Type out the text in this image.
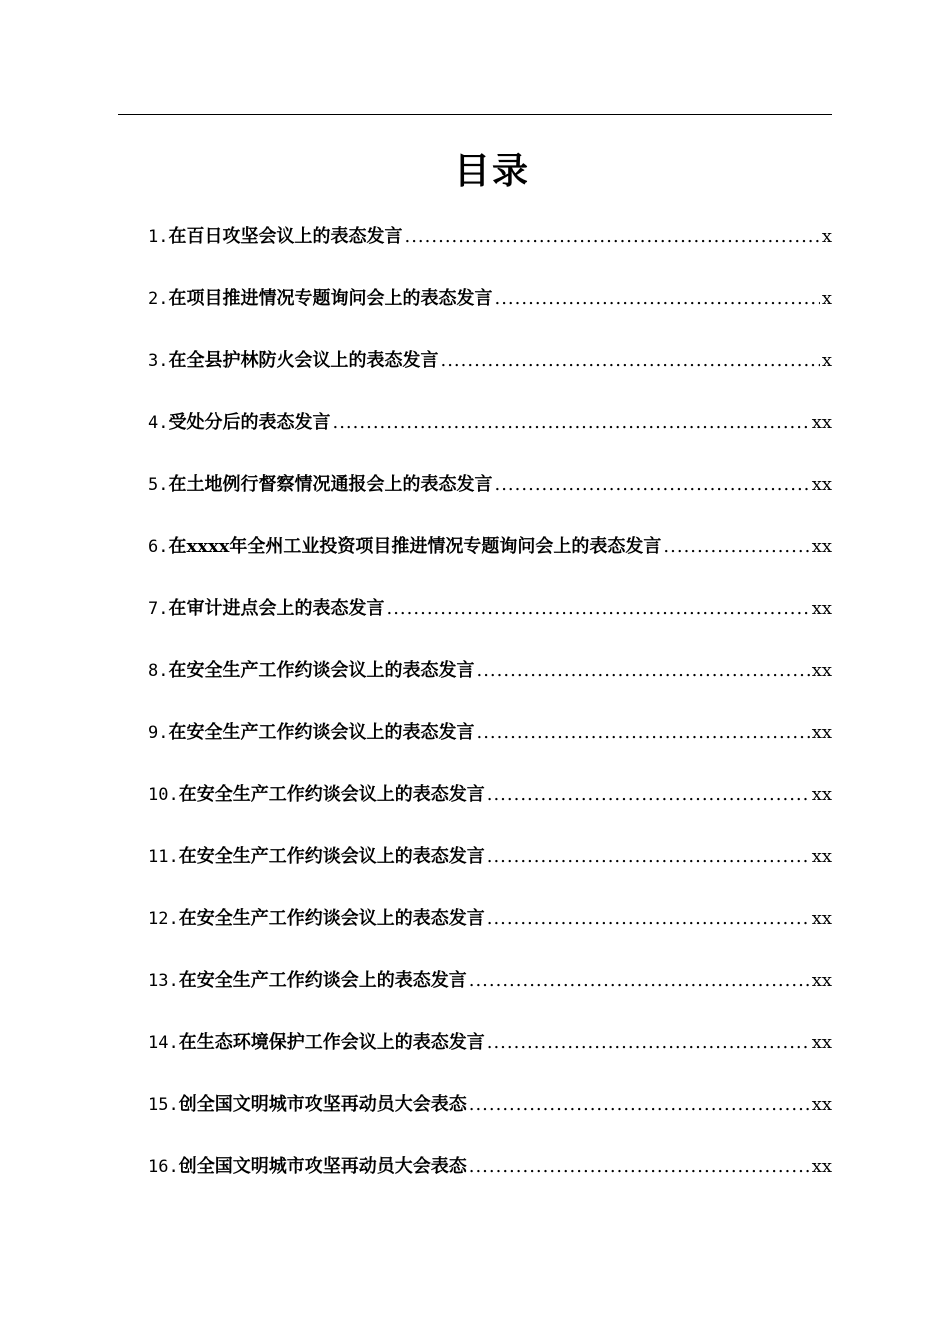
目录
1. 在百日攻坚会议上的表态发言 .....	x
2. 在项目推进情况专题询问会上的表态发言 .....	x
3. 在全县护林防火会议上的表态发言 .....	x
4. 受处分后的表态发言 .....	xx
5. 在土地例行督察情况通报会上的表态发言 .....	xx
6. 在xxxx年全州工业投资项目推进情况专题询问会上的表态发言 .....	xx
7. 在审计进点会上的表态发言 .....	xx
8. 在安全生产工作约谈会议上的表态发言 .....	xx
9. 在安全生产工作约谈会议上的表态发言 .....	xx
10. 在安全生产工作约谈会议上的表态发言 .....	xx
11. 在安全生产工作约谈会议上的表态发言 .....	xx
12. 在安全生产工作约谈会议上的表态发言 .....	xx
13. 在安全生产工作约谈会上的表态发言 .....	xx
14. 在生态环境保护工作会议上的表态发言 .....	xx
15. 创全国文明城市攻坚再动员大会表态 .....	xx
16. 创全国文明城市攻坚再动员大会表态 .....	xx
